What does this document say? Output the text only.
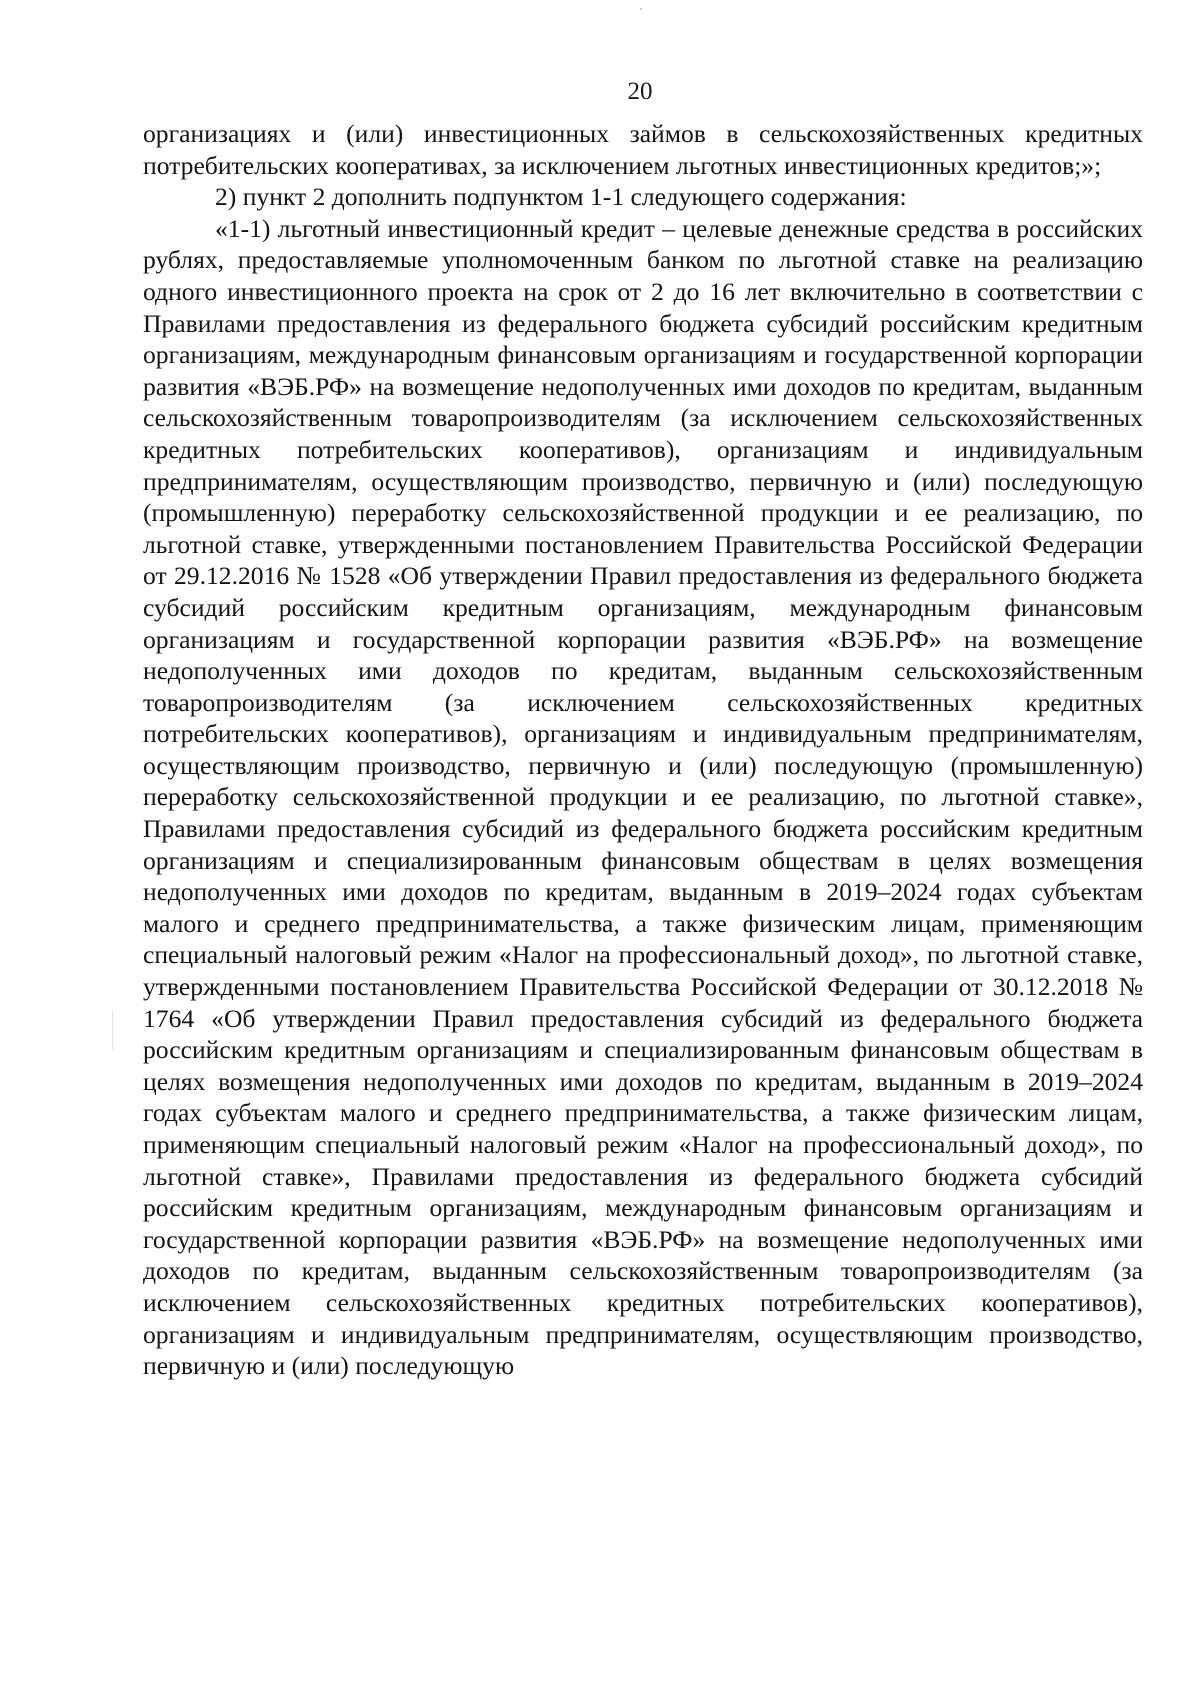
20

организациях и (или) инвестиционных займов в сельскохозяйственных кредитных потребительских кооперативах, за исключением льготных инвестиционных кредитов;»;

2) пункт 2 дополнить подпунктом 1-1 следующего содержания:

«1-1) льготный инвестиционный кредит – целевые денежные средства в российских рублях, предоставляемые уполномоченным банком по льготной ставке на реализацию одного инвестиционного проекта на срок от 2 до 16 лет включительно в соответствии с Правилами предоставления из федерального бюджета субсидий российским кредитным организациям, международным финансовым организациям и государственной корпорации развития «ВЭБ.РФ» на возмещение недополученных ими доходов по кредитам, выданным сельскохозяйственным товаропроизводителям (за исключением сельскохозяйственных кредитных потребительских кооперативов), организациям и индивидуальным предпринимателям, осуществляющим производство, первичную и (или) последующую (промышленную) переработку сельскохозяйственной продукции и ее реализацию, по льготной ставке, утвержденными постановлением Правительства Российской Федерации от 29.12.2016 № 1528 «Об утверждении Правил предоставления из федерального бюджета субсидий российским кредитным организациям, международным финансовым организациям и государственной корпорации развития «ВЭБ.РФ» на возмещение недополученных ими доходов по кредитам, выданным сельскохозяйственным товаропроизводителям (за исключением сельскохозяйственных кредитных потребительских кооперативов), организациям и индивидуальным предпринимателям, осуществляющим производство, первичную и (или) последующую (промышленную) переработку сельскохозяйственной продукции и ее реализацию, по льготной ставке», Правилами предоставления субсидий из федерального бюджета российским кредитным организациям и специализированным финансовым обществам в целях возмещения недополученных ими доходов по кредитам, выданным в 2019–2024 годах субъектам малого и среднего предпринимательства, а также физическим лицам, применяющим специальный налоговый режим «Налог на профессиональный доход», по льготной ставке, утвержденными постановлением Правительства Российской Федерации от 30.12.2018 № 1764 «Об утверждении Правил предоставления субсидий из федерального бюджета российским кредитным организациям и специализированным финансовым обществам в целях возмещения недополученных ими доходов по кредитам, выданным в 2019–2024 годах субъектам малого и среднего предпринимательства, а также физическим лицам, применяющим специальный налоговый режим «Налог на профессиональный доход», по льготной ставке», Правилами предоставления из федерального бюджета субсидий российским кредитным организациям, международным финансовым организациям и государственной корпорации развития «ВЭБ.РФ» на возмещение недополученных ими доходов по кредитам, выданным сельскохозяйственным товаропроизводителям (за исключением сельскохозяйственных кредитных потребительских кооперативов), организациям и индивидуальным предпринимателям, осуществляющим производство, первичную и (или) последующую
